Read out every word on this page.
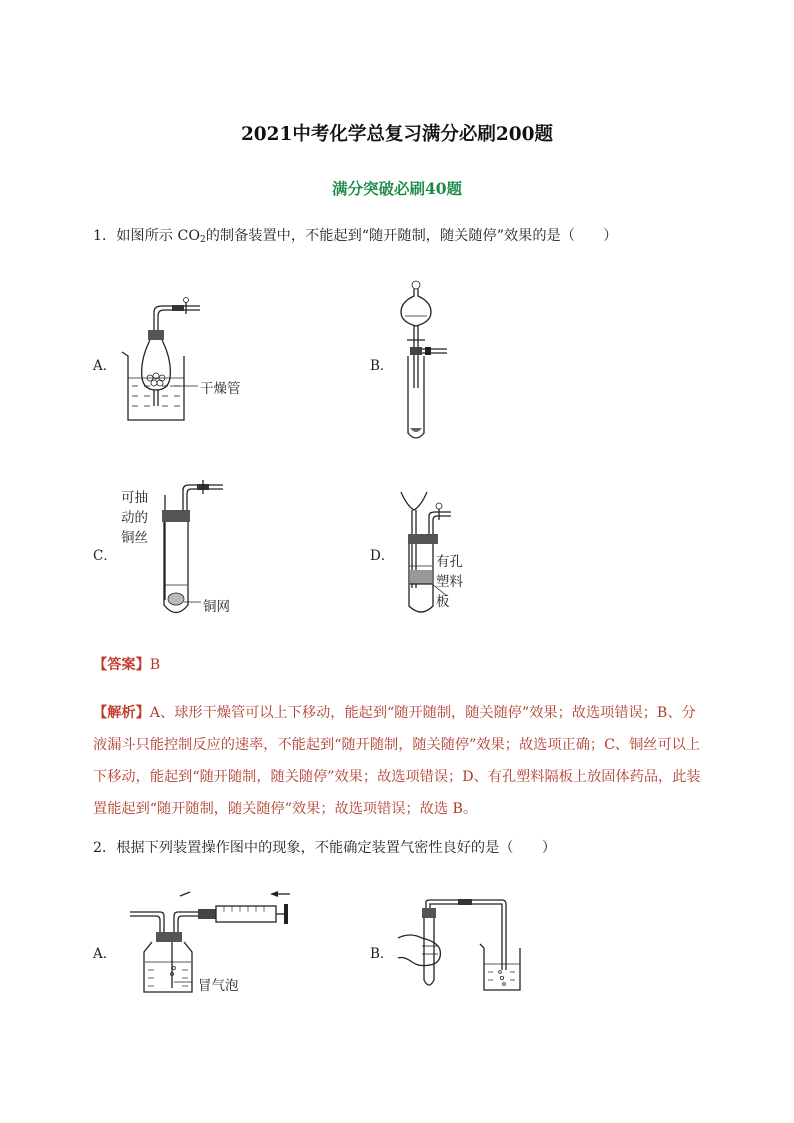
2021中考化学总复习满分必刷200题
满分突破必刷40题
1．如图所示 $CO_2$的制备装置中，不能起到“随开随制，随关随停”效果的是（　　）
A．	B．
C．	D．
干燥管
可抽
动的
铜丝
铜网
有孔
塑料
板
【答案】B
【解析】A、球形干燥管可以上下移动，能起到“随开随制，随关随停”效果；故选项错误；B、分
液漏斗只能控制反应的速率，不能起到“随开随制，随关随停”效果；故选项正确；C、铜丝可以上
下移动，能起到“随开随制，随关随停”效果；故选项错误；D、有孔塑料隔板上放固体药品，此装
置能起到“随开随制，随关随停”效果；故选项错误；故选 B。
2．根据下列装置操作图中的现象，不能确定装置气密性良好的是（　　）
A．	B．
冒气泡
